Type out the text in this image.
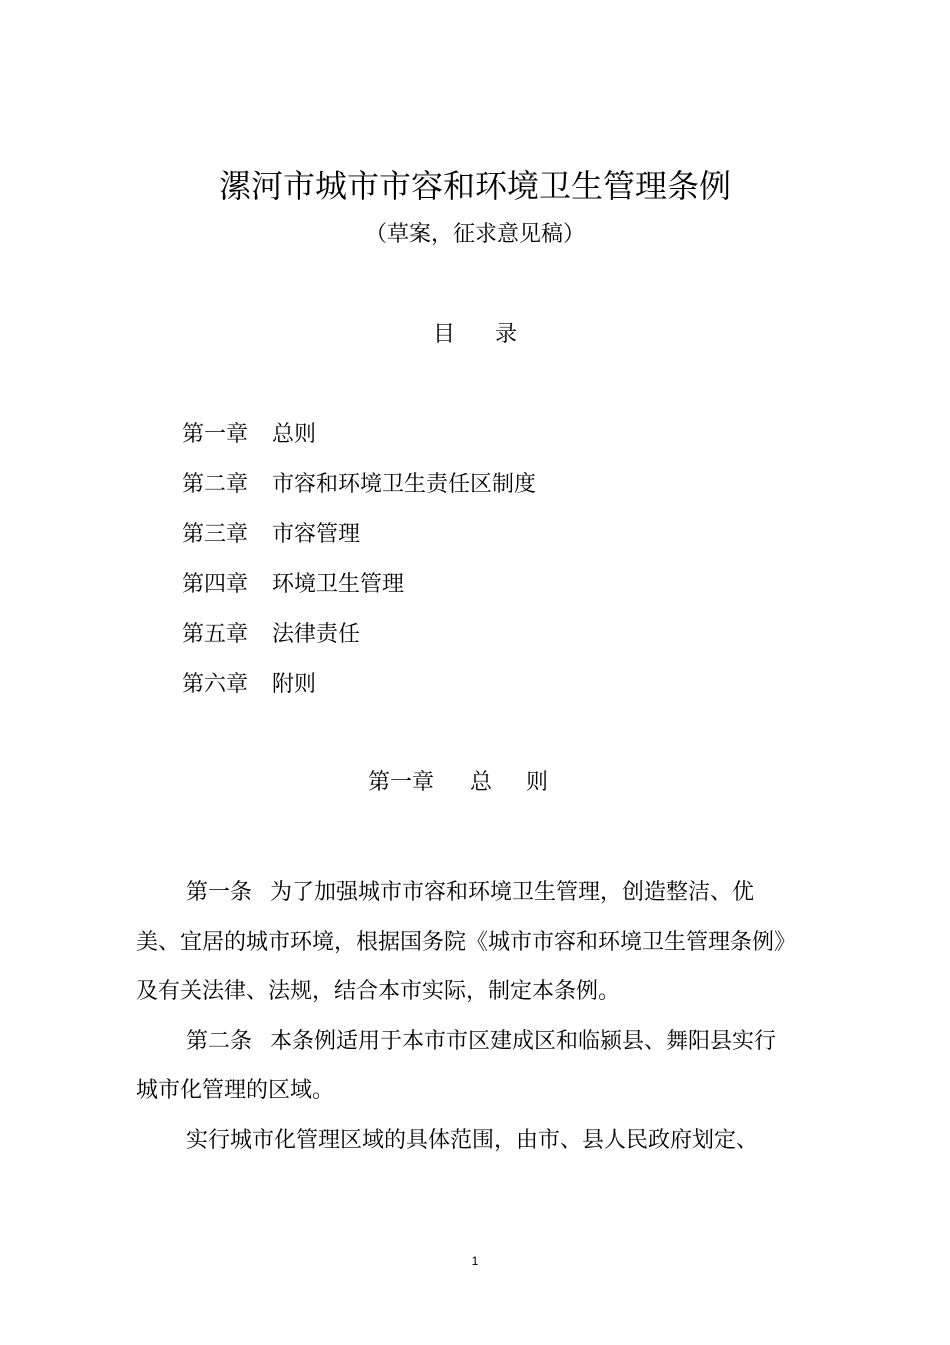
漯河市城市市容和环境卫生管理条例
（草案，征求意见稿）
目录
第一章 总则
第二章 市容和环境卫生责任区制度
第三章 市容管理
第四章 环境卫生管理
第五章 法律责任
第六章 附则
第一章 总则

第一条 为了加强城市市容和环境卫生管理，创造整洁、优美、宜居的城市环境，根据国务院《城市市容和环境卫生管理条例》及有关法律、法规，结合本市实际，制定本条例。

第二条 本条例适用于本市市区建成区和临颍县、舞阳县实行城市化管理的区域。

实行城市化管理区域的具体范围，由市、县人民政府划定、

1
